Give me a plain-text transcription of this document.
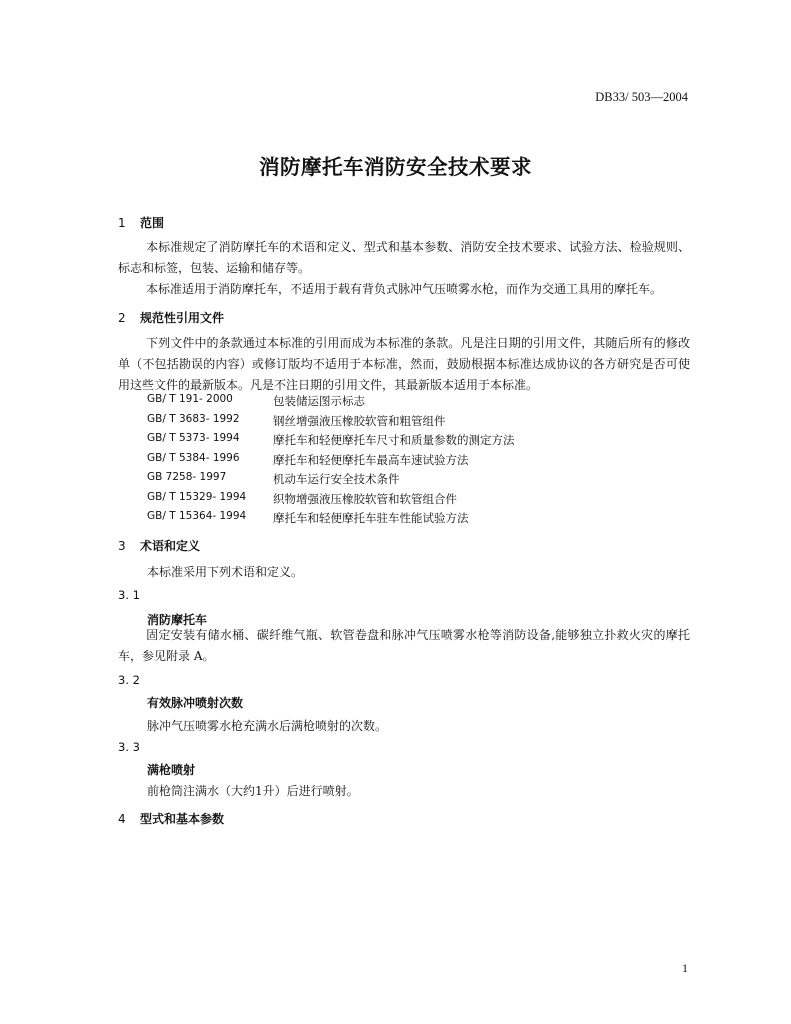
DB33/ 503—2004
消防摩托车消防安全技术要求
1 范围

本标准规定了消防摩托车的术语和定义、型式和基本参数、消防安全技术要求、试验方法、检验规则、标志和标签，包装、运输和储存等。

本标准适用于消防摩托车，不适用于载有背负式脉冲气压喷雾水枪，而作为交通工具用的摩托车。

2 规范性引用文件

下列文件中的条款通过本标准的引用而成为本标准的条款。凡是注日期的引用文件，其随后所有的修改单（不包括勘误的内容）或修订版均不适用于本标准，然而，鼓励根据本标准达成协议的各方研究是否可使用这些文件的最新版本。凡是不注日期的引用文件，其最新版本适用于本标准。

GB/ T 191- 2000	包装储运图示标志
GB/ T 3683- 1992	钢丝增强液压橡胶软管和粗管组件
GB/ T 5373- 1994	摩托车和轻便摩托车尺寸和质量参数的测定方法
GB/ T 5384- 1996	摩托车和轻便摩托车最高车速试验方法
GB 7258- 1997	机动车运行安全技术条件
GB/ T 15329- 1994	织物增强液压橡胶软管和软管组合件
GB/ T 15364- 1994	摩托车和轻便摩托车驻车性能试验方法
3 术语和定义
本标准采用下列术语和定义。
3. 1
消防摩托车

固定安装有储水桶、碳纤维气瓶、软管卷盘和脉冲气压喷雾水枪等消防设备,能够独立扑救火灾的摩托车，参见附录 A。

3. 2
有效脉冲喷射次数
脉冲气压喷雾水枪充满水后满枪喷射的次数。
3. 3
满枪喷射
前枪筒注满水（大约1升）后进行喷射。
4 型式和基本参数
1
